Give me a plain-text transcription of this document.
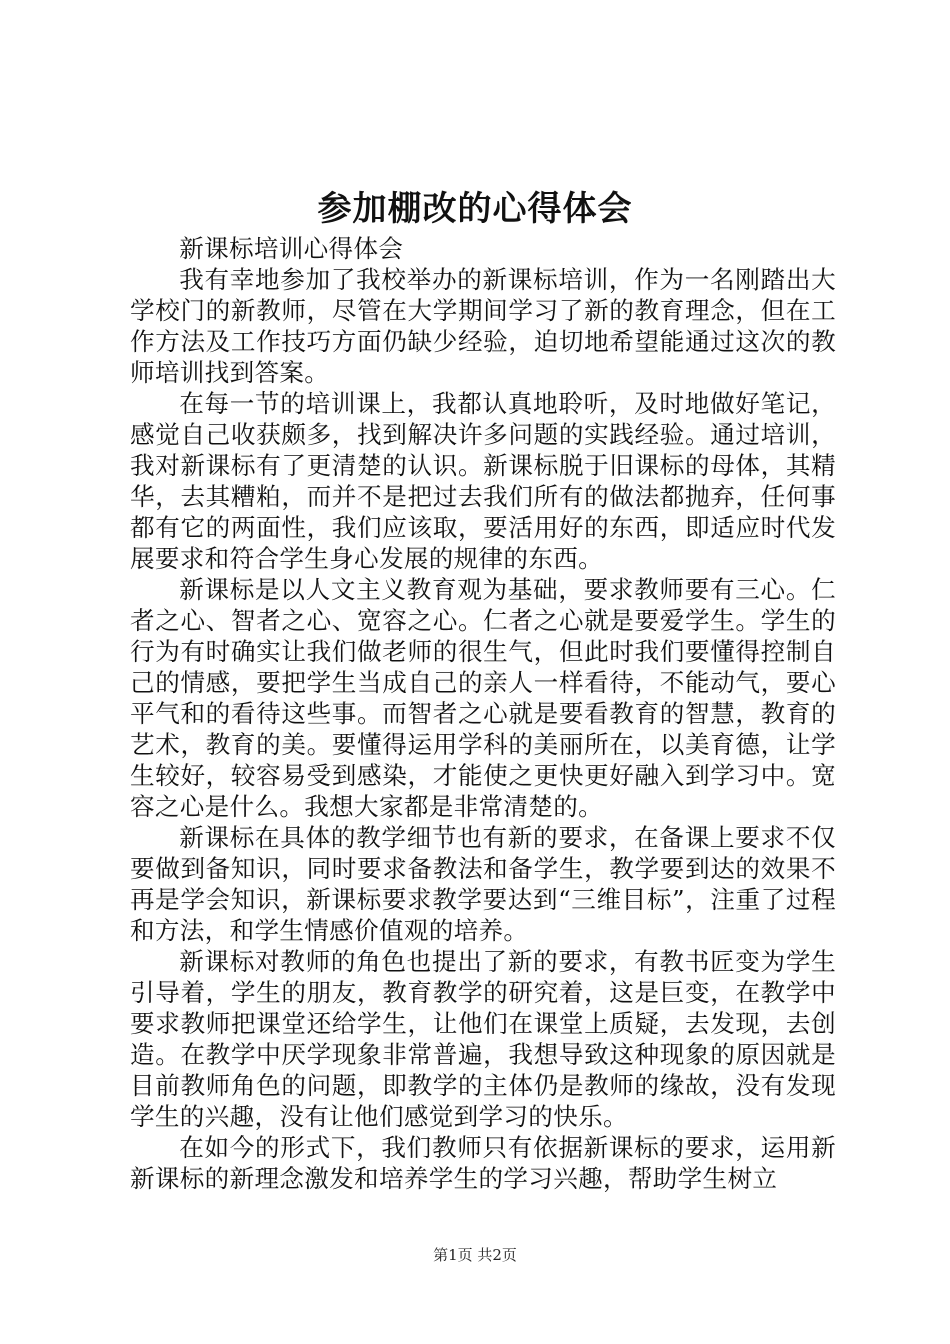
参加棚改的心得体会

新课标培训心得体会

我有幸地参加了我校举办的新课标培训，作为一名刚踏出大学校门的新教师，尽管在大学期间学习了新的教育理念，但在工作方法及工作技巧方面仍缺少经验，迫切地希望能通过这次的教师培训找到答案。

在每一节的培训课上，我都认真地聆听，及时地做好笔记，感觉自己收获颇多，找到解决许多问题的实践经验。通过培训，我对新课标有了更清楚的认识。新课标脱于旧课标的母体，其精华，去其糟粕，而并不是把过去我们所有的做法都抛弃，任何事都有它的两面性，我们应该取，要活用好的东西，即适应时代发展要求和符合学生身心发展的规律的东西。

新课标是以人文主义教育观为基础，要求教师要有三心。仁者之心、智者之心、宽容之心。仁者之心就是要爱学生。学生的行为有时确实让我们做老师的很生气，但此时我们要懂得控制自己的情感，要把学生当成自己的亲人一样看待，不能动气，要心平气和的看待这些事。而智者之心就是要看教育的智慧，教育的艺术，教育的美。要懂得运用学科的美丽所在，以美育德，让学生较好，较容易受到感染，才能使之更快更好融入到学习中。宽容之心是什么。我想大家都是非常清楚的。

新课标在具体的教学细节也有新的要求，在备课上要求不仅要做到备知识，同时要求备教法和备学生，教学要到达的效果不再是学会知识，新课标要求教学要达到“三维目标”，注重了过程和方法，和学生情感价值观的培养。

新课标对教师的角色也提出了新的要求，有教书匠变为学生引导着，学生的朋友，教育教学的研究着，这是巨变，在教学中要求教师把课堂还给学生，让他们在课堂上质疑，去发现，去创造。在教学中厌学现象非常普遍，我想导致这种现象的原因就是目前教师角色的问题，即教学的主体仍是教师的缘故，没有发现学生的兴趣，没有让他们感觉到学习的快乐。

在如今的形式下，我们教师只有依据新课标的要求，运用新新课标的新理念激发和培养学生的学习兴趣，帮助学生树立

第1页 共2页
